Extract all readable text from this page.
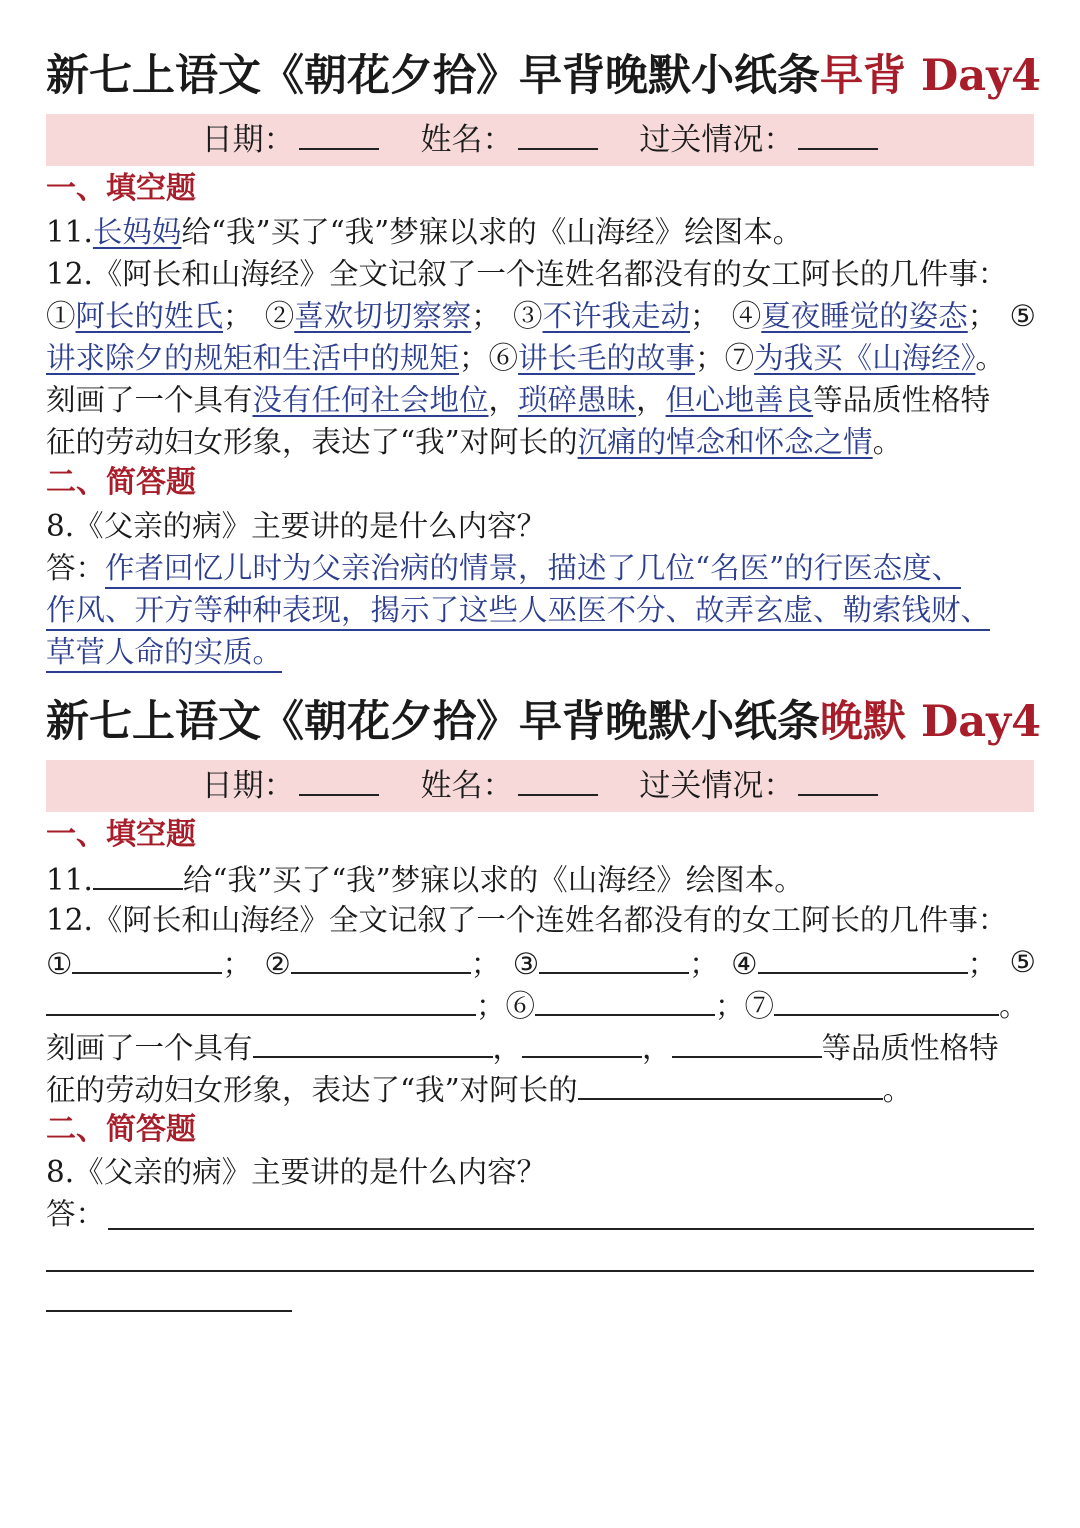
新七上语文《朝花夕拾》早背晚默小纸条 早背 Day4
日期：	姓名：	过关情况：
一、填空题
11.长妈妈给“我”买了“我”梦寐以求的《山海经》绘图本。
12.《阿长和山海经》全文记叙了一个连姓名都没有的女工阿长的几件事：
①阿长的姓氏； ②喜欢切切察察； ③不许我走动； ④夏夜睡觉的姿态； ⑤
讲求除夕的规矩和生活中的规矩；⑥讲长毛的故事；⑦为我买《山海经》。
刻画了一个具有没有任何社会地位，琐碎愚昧，但心地善良等品质性格特
征的劳动妇女形象，表达了“我”对阿长的沉痛的悼念和怀念之情。
二、简答题
8.《父亲的病》主要讲的是什么内容？
答：作者回忆儿时为父亲治病的情景，描述了几位“名医”的行医态度、
作风、开方等种种表现，揭示了这些人巫医不分、故弄玄虚、勒索钱财、
草菅人命的实质。
新七上语文《朝花夕拾》早背晚默小纸条 晚默 Day4
日期：	姓名：	过关情况：
一、填空题
11.	给“我”买了“我”梦寐以求的《山海经》绘图本。
12.《阿长和山海经》全文记叙了一个连姓名都没有的女工阿长的几件事：
①	； ②	； ③	； ④	； ⑤
；⑥	；⑦	。
刻画了一个具有	，	，	等品质性格特
征的劳动妇女形象，表达了“我”对阿长的	。
二、简答题
8.《父亲的病》主要讲的是什么内容？
答：
